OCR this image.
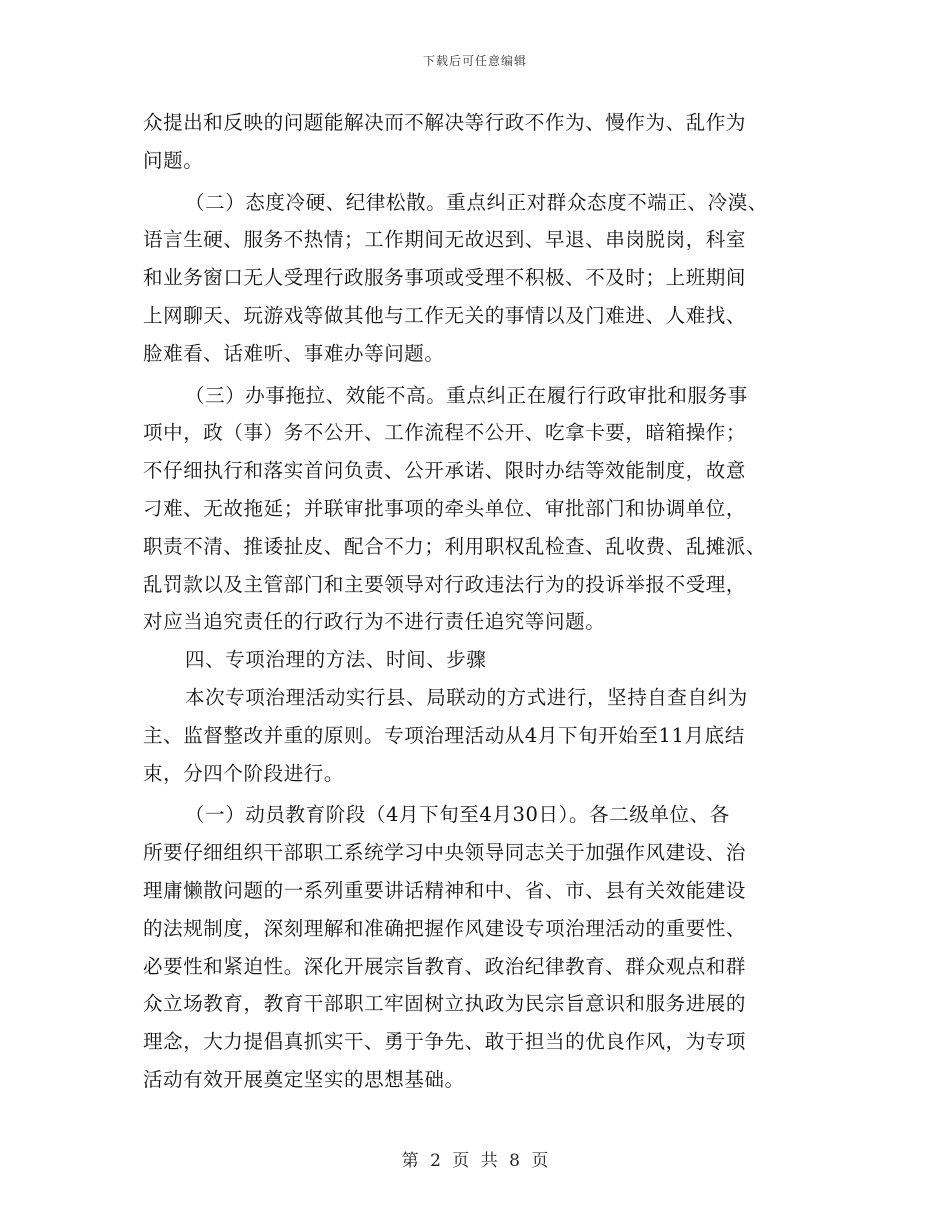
下载后可任意编辑
众提出和反映的问题能解决而不解决等行政不作为、慢作为、乱作为
问题。
（二）态度冷硬、纪律松散。重点纠正对群众态度不端正、冷漠、
语言生硬、服务不热情；工作期间无故迟到、早退、串岗脱岗，科室
和业务窗口无人受理行政服务事项或受理不积极、不及时；上班期间
上网聊天、玩游戏等做其他与工作无关的事情以及门难进、人难找、
脸难看、话难听、事难办等问题。
（三）办事拖拉、效能不高。重点纠正在履行行政审批和服务事
项中，政（事）务不公开、工作流程不公开、吃拿卡要，暗箱操作；
不仔细执行和落实首问负责、公开承诺、限时办结等效能制度，故意
刁难、无故拖延；并联审批事项的牵头单位、审批部门和协调单位，
职责不清、推诿扯皮、配合不力；利用职权乱检查、乱收费、乱摊派、
乱罚款以及主管部门和主要领导对行政违法行为的投诉举报不受理，
对应当追究责任的行政行为不进行责任追究等问题。
四、专项治理的方法、时间、步骤
本次专项治理活动实行县、局联动的方式进行，坚持自查自纠为
主、监督整改并重的原则。专项治理活动从4月下旬开始至11月底结
束，分四个阶段进行。
（一）动员教育阶段（4月下旬至4月30日）。各二级单位、各
所要仔细组织干部职工系统学习中央领导同志关于加强作风建设、治
理庸懒散问题的一系列重要讲话精神和中、省、市、县有关效能建设
的法规制度，深刻理解和准确把握作风建设专项治理活动的重要性、
必要性和紧迫性。深化开展宗旨教育、政治纪律教育、群众观点和群
众立场教育，教育干部职工牢固树立执政为民宗旨意识和服务进展的
理念，大力提倡真抓实干、勇于争先、敢于担当的优良作风，为专项
活动有效开展奠定坚实的思想基础。
第 2 页 共 8 页
